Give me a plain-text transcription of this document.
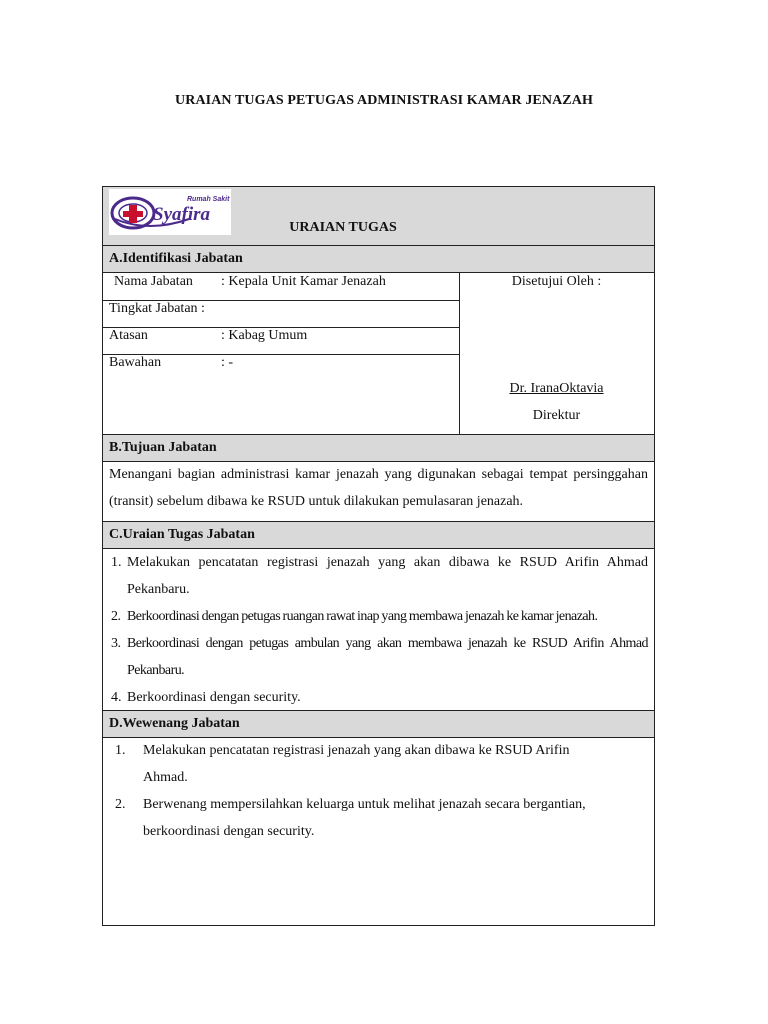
URAIAN TUGAS PETUGAS ADMINISTRASI KAMAR JENAZAH
Rumah Sakit
Syafira
URAIAN TUGAS
A.Identifikasi Jabatan
Nama Jabatan : Kepala Unit Kamar Jenazah
Tingkat Jabatan :
Atasan	: Kabag Umum
Bawahan	: -
Disetujui Oleh :
Dr. IranaOktavia
Direktur
B.Tujuan Jabatan
Menangani bagian administrasi kamar jenazah yang digunakan sebagai tempat persinggahan (transit) sebelum dibawa ke RSUD untuk dilakukan pemulasaran jenazah.
C.Uraian Tugas Jabatan
1. Melakukan pencatatan registrasi jenazah yang akan dibawa ke RSUD Arifin Ahmad Pekanbaru.
2. Berkoordinasi dengan petugas ruangan rawat inap yang membawa jenazah ke kamar jenazah.
3. Berkoordinasi dengan petugas ambulan yang akan membawa jenazah ke RSUD Arifin Ahmad Pekanbaru.
4. Berkoordinasi dengan security.
D.Wewenang Jabatan
1. Melakukan pencatatan registrasi jenazah yang akan dibawa ke RSUD Arifin Ahmad.
2. Berwenang mempersilahkan keluarga untuk melihat jenazah secara bergantian, berkoordinasi dengan security.
